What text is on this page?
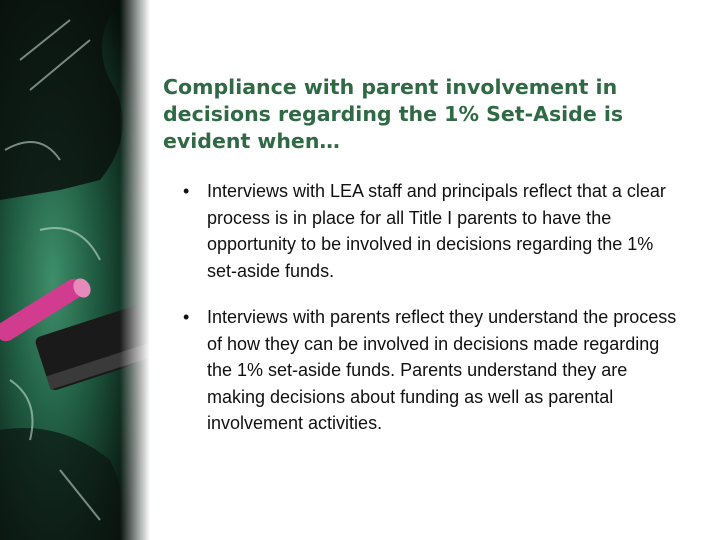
Compliance with parent involvement in decisions regarding the 1% Set-Aside is evident when…
• Interviews with LEA staff and principals reflect that a clear process is in place for all Title I parents to have the opportunity to be involved in decisions regarding the 1% set-aside funds.
• Interviews with parents reflect they understand the process of how they can be involved in decisions made regarding the 1% set-aside funds. Parents understand they are making decisions about funding as well as parental involvement activities.
